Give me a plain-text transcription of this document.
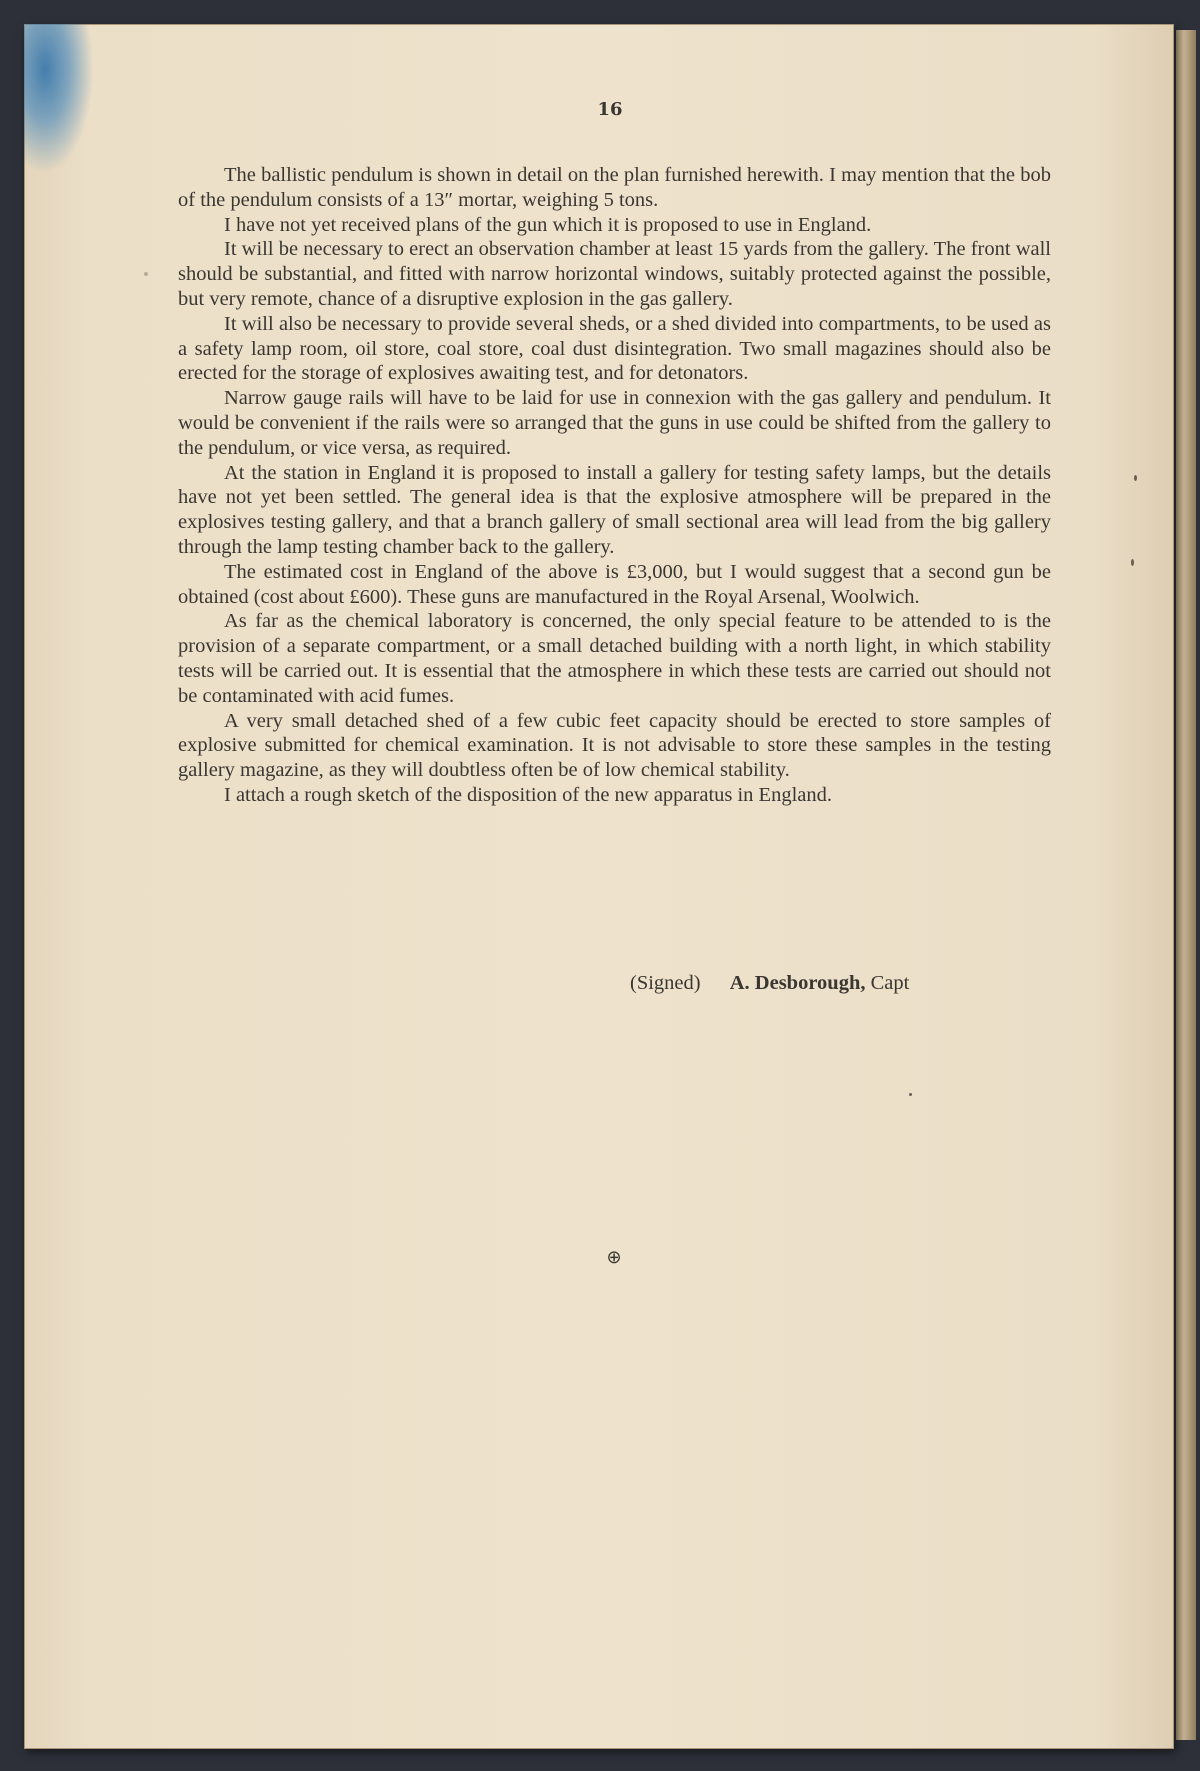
16

The ballistic pendulum is shown in detail on the plan furnished herewith. I may mention that the bob of the pendulum consists of a 13″ mortar, weighing 5 tons.

I have not yet received plans of the gun which it is proposed to use in England.

It will be necessary to erect an observation chamber at least 15 yards from the gallery. The front wall should be substantial, and fitted with narrow horizontal windows, suitably protected against the possible, but very remote, chance of a disruptive explosion in the gas gallery.

It will also be necessary to provide several sheds, or a shed divided into compartments, to be used as a safety lamp room, oil store, coal store, coal dust disintegration. Two small magazines should also be erected for the storage of explosives awaiting test, and for detonators.

Narrow gauge rails will have to be laid for use in connexion with the gas gallery and pendulum. It would be convenient if the rails were so arranged that the guns in use could be shifted from the gallery to the pendulum, or vice versa, as required.

At the station in England it is proposed to install a gallery for testing safety lamps, but the details have not yet been settled. The general idea is that the explosive atmosphere will be prepared in the explosives testing gallery, and that a branch gallery of small sectional area will lead from the big gallery through the lamp testing chamber back to the gallery.

The estimated cost in England of the above is £3,000, but I would suggest that a second gun be obtained (cost about £600). These guns are manufactured in the Royal Arsenal, Woolwich.

As far as the chemical laboratory is concerned, the only special feature to be attended to is the provision of a separate compartment, or a small detached building with a north light, in which stability tests will be carried out. It is essential that the atmosphere in which these tests are carried out should not be contaminated with acid fumes.

A very small detached shed of a few cubic feet capacity should be erected to store samples of explosive submitted for chemical examination. It is not advisable to store these samples in the testing gallery magazine, as they will doubtless often be of low chemical stability.

I attach a rough sketch of the disposition of the new apparatus in England.

(Signed) A. Desborough, Capt
⊕
